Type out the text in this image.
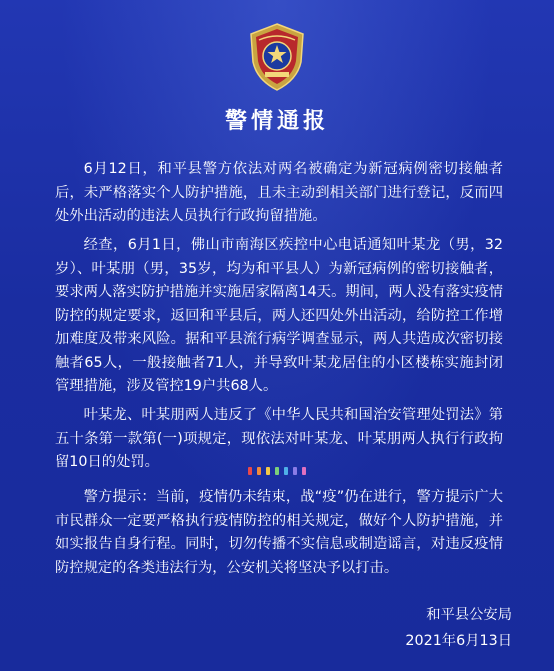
警情通报

6月12日，和平县警方依法对两名被确定为新冠病例密切接触者后，未严格落实个人防护措施，且未主动到相关部门进行登记，反而四处外出活动的违法人员执行行政拘留措施。

经查，6月1日，佛山市南海区疾控中心电话通知叶某龙（男，32岁）、叶某朋（男，35岁，均为和平县人）为新冠病例的密切接触者，要求两人落实防护措施并实施居家隔离14天。期间，两人没有落实疫情防控的规定要求，返回和平县后，两人还四处外出活动，给防控工作增加难度及带来风险。据和平县流行病学调查显示，两人共造成次密切接触者65人，一般接触者71人，并导致叶某龙居住的小区楼栋实施封闭管理措施，涉及管控19户共68人。

叶某龙、叶某朋两人违反了《中华人民共和国治安管理处罚法》第五十条第一款第(一)项规定，现依法对叶某龙、叶某朋两人执行行政拘留10日的处罚。

警方提示：当前，疫情仍未结束，战“疫”仍在进行，警方提示广大市民群众一定要严格执行疫情防控的相关规定，做好个人防护措施，并如实报告自身行程。同时，切勿传播不实信息或制造谣言，对违反疫情防控规定的各类违法行为，公安机关将坚决予以打击。

和平县公安局
2021年6月13日
